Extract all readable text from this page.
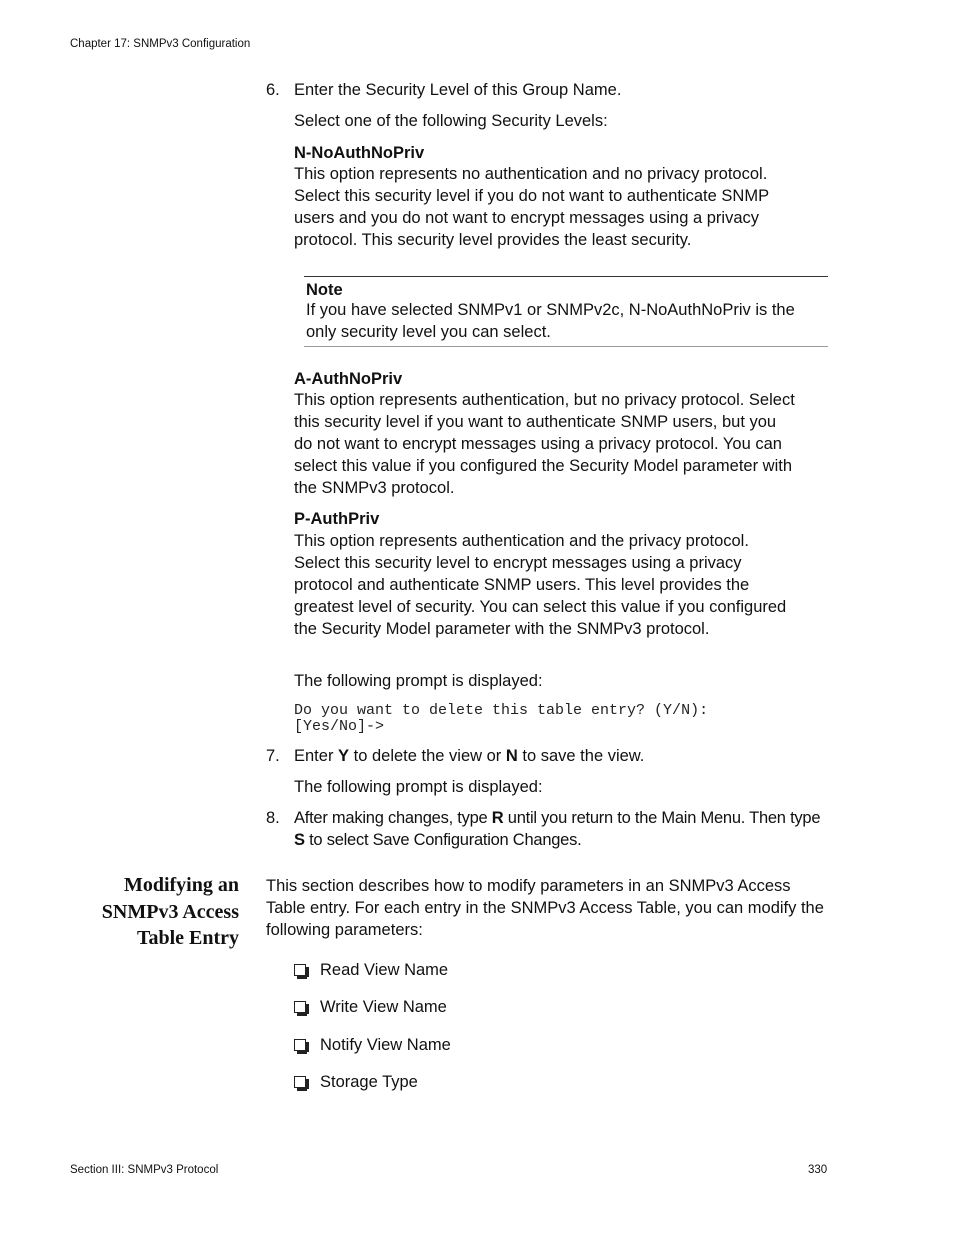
Chapter 17: SNMPv3 Configuration
6. Enter the Security Level of this Group Name.
Select one of the following Security Levels:
N-NoAuthNoPriv
This option represents no authentication and no privacy protocol. Select this security level if you do not want to authenticate SNMP users and you do not want to encrypt messages using a privacy protocol. This security level provides the least security.
Note
If you have selected SNMPv1 or SNMPv2c, N-NoAuthNoPriv is the only security level you can select.
A-AuthNoPriv
This option represents authentication, but no privacy protocol. Select this security level if you want to authenticate SNMP users, but you do not want to encrypt messages using a privacy protocol. You can select this value if you configured the Security Model parameter with the SNMPv3 protocol.
P-AuthPriv
This option represents authentication and the privacy protocol. Select this security level to encrypt messages using a privacy protocol and authenticate SNMP users. This level provides the greatest level of security. You can select this value if you configured the Security Model parameter with the SNMPv3 protocol.
The following prompt is displayed:
Do you want to delete this table entry? (Y/N):
[Yes/No]->
7. Enter Y to delete the view or N to save the view.
The following prompt is displayed:
8. After making changes, type R until you return to the Main Menu. Then type S to select Save Configuration Changes.
Modifying an SNMPv3 Access Table Entry
This section describes how to modify parameters in an SNMPv3 Access Table entry. For each entry in the SNMPv3 Access Table, you can modify the following parameters:
Read View Name
Write View Name
Notify View Name
Storage Type
Section III: SNMPv3 Protocol	330
